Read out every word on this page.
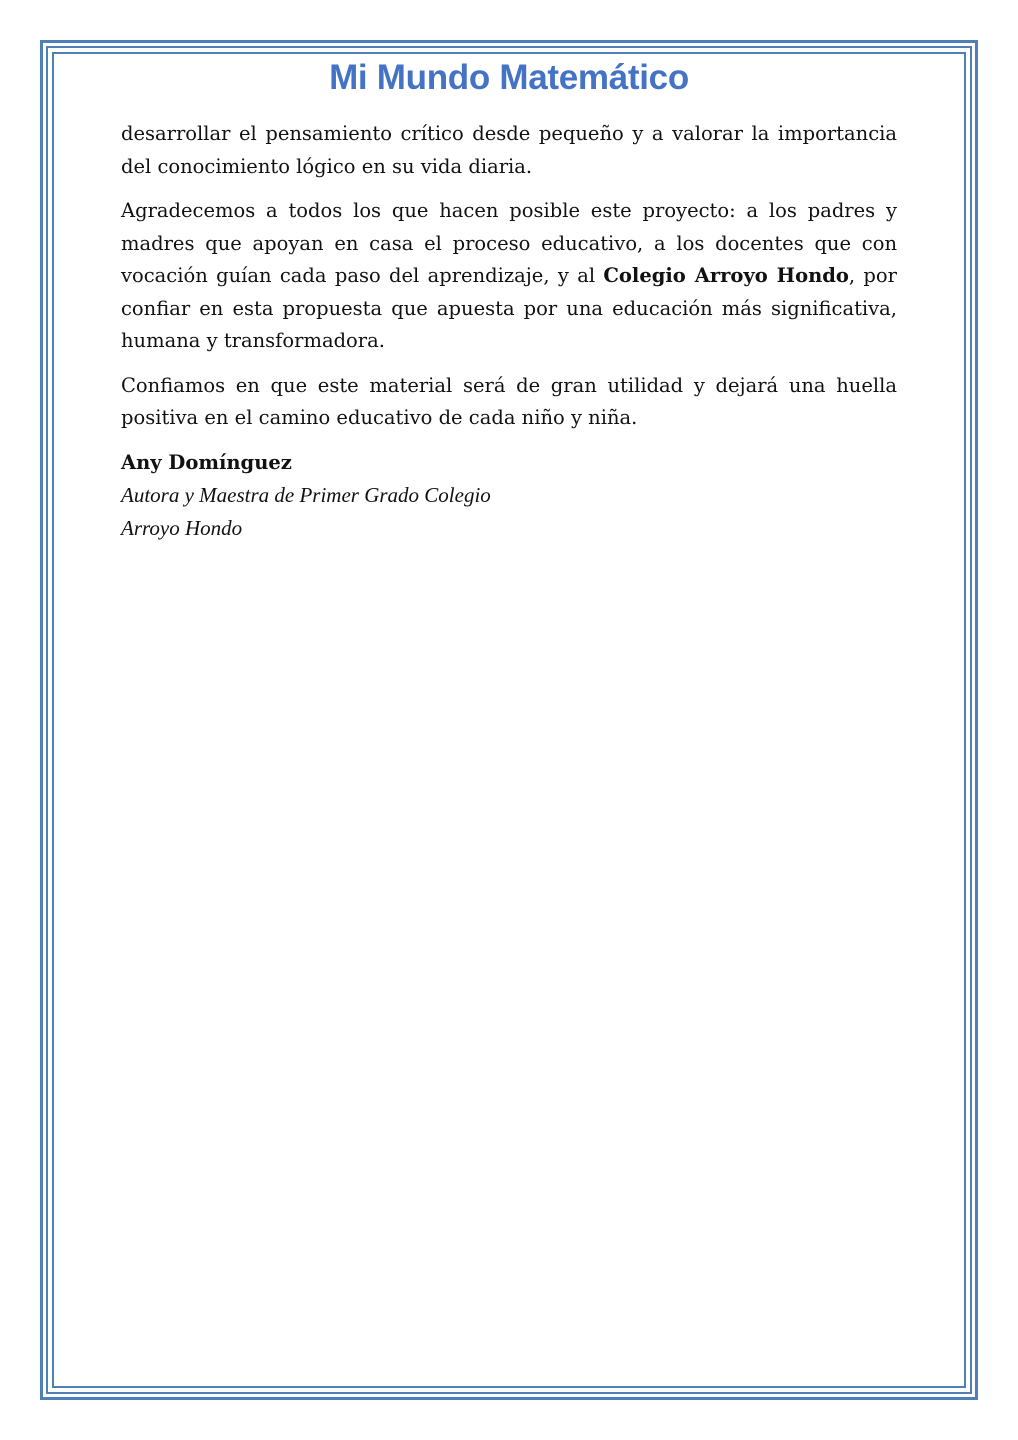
Mi Mundo Matemático

desarrollar el pensamiento crítico desde pequeño y a valorar la importancia del conocimiento lógico en su vida diaria.

Agradecemos a todos los que hacen posible este proyecto: a los padres y madres que apoyan en casa el proceso educativo, a los docentes que con vocación guían cada paso del aprendizaje, y al Colegio Arroyo Hondo, por confiar en esta propuesta que apuesta por una educación más significativa, humana y transformadora.

Confiamos en que este material será de gran utilidad y dejará una huella positiva en el camino educativo de cada niño y niña.

Any Domínguez

Autora y Maestra de Primer Grado Colegio Arroyo Hondo
